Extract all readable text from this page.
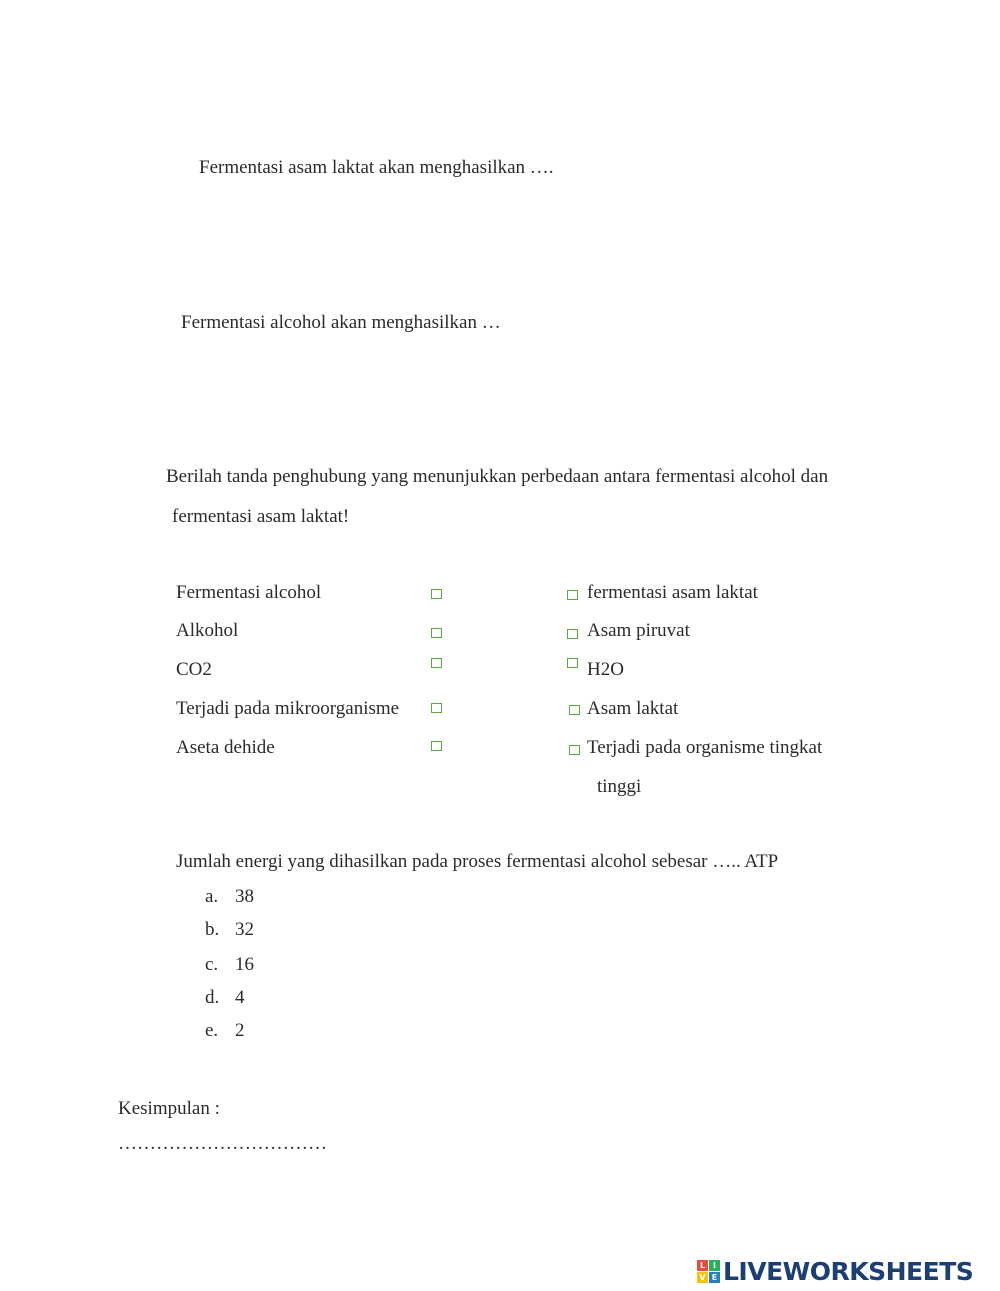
Fermentasi asam laktat akan menghasilkan ….
Fermentasi alcohol akan menghasilkan …
Berilah tanda penghubung yang menunjukkan perbedaan antara fermentasi alcohol dan
fermentasi asam laktat!
Fermentasi alcohol
Alkohol
CO2
Terjadi pada mikroorganisme
Aseta dehide
fermentasi asam laktat
Asam piruvat
H2O
Asam laktat
Terjadi pada organisme tingkat
tinggi
Jumlah energi yang dihasilkan pada proses fermentasi alcohol sebesar ….. ATP
a. 38
b. 32
c. 16
d. 4
e. 2
Kesimpulan :
……………………………
L I
V E LIVEWORKSHEETS
